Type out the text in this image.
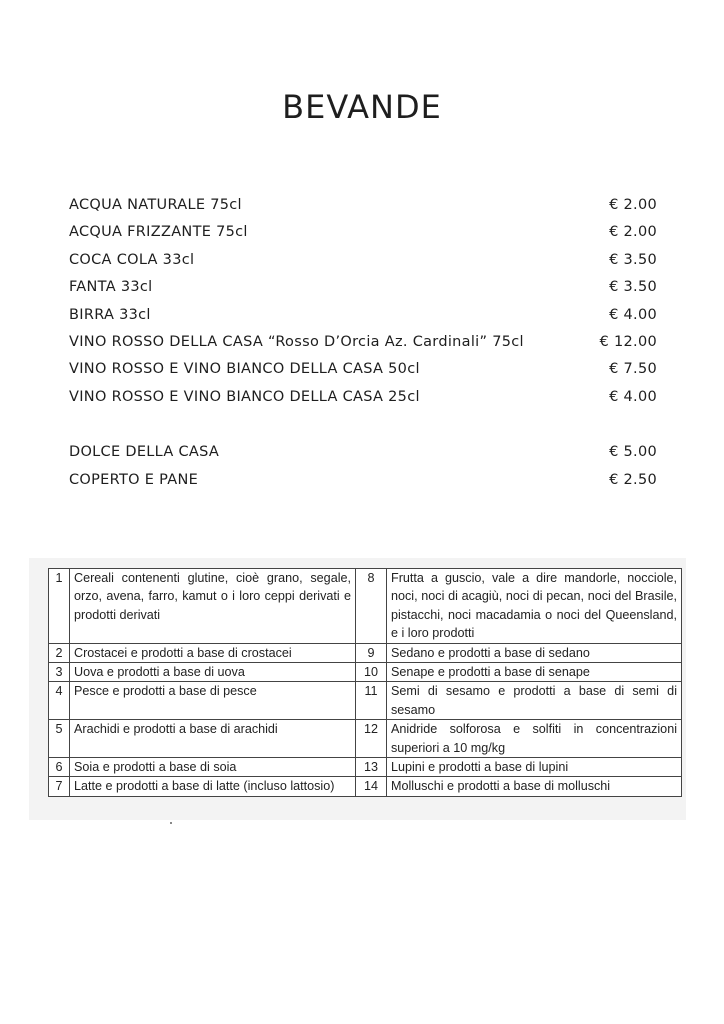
BEVANDE
ACQUA NATURALE 75cl	€ 2.00
ACQUA FRIZZANTE 75cl	€ 2.00
COCA COLA 33cl	€ 3.50
FANTA 33cl	€ 3.50
BIRRA 33cl	€ 4.00
VINO ROSSO DELLA CASA “Rosso D’Orcia Az. Cardinali” 75cl	€ 12.00
VINO ROSSO E VINO BIANCO DELLA CASA 50cl	€ 7.50
VINO ROSSO E VINO BIANCO DELLA CASA 25cl	€ 4.00
DOLCE DELLA CASA	€ 5.00
COPERTO E PANE	€ 2.50
1	Cereali contenenti glutine, cioè grano, segale, orzo, avena, farro, kamut o i loro ceppi derivati e prodotti derivati	8	Frutta a guscio, vale a dire mandorle, nocciole, noci, noci di acagiù, noci di pecan, noci del Brasile, pistacchi, noci macadamia o noci del Queensland, e i loro prodotti
2	Crostacei e prodotti a base di crostacei	9	Sedano e prodotti a base di sedano
3	Uova e prodotti a base di uova	10	Senape e prodotti a base di senape
4	Pesce e prodotti a base di pesce	11	Semi di sesamo e prodotti a base di semi di sesamo
5	Arachidi e prodotti a base di arachidi	12	Anidride solforosa e solfiti in concentrazioni superiori a 10 mg/kg
6	Soia e prodotti a base di soia	13	Lupini e prodotti a base di lupini
7	Latte e prodotti a base di latte (incluso lattosio)	14	Molluschi e prodotti a base di molluschi
